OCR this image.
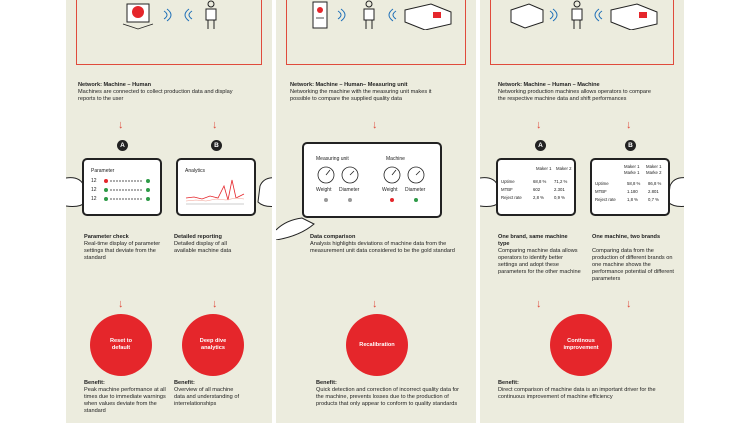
Network: Machine – Human
Machines are connected to collect production data and display reports to the user
↓	↓
A	B
Parameter
12
12
12
Analytics
Parameter check
Real-time display of parameter settings that deviate from the standard
Detailed reporting
Detailed display of all available machine data
↓	↓
Reset to default
Deep dive analytics
Benefit:
Peak machine performance at all times due to immediate warnings when values deviate from the standard
Benefit:
Overview of all machine data and understanding of interrelationships
Network: Machine – Human– Measuring unit
Networking the machine with the measuring unit makes it possible to compare the supplied quality data
↓
Measuring unit	Machine
Weight Diameter	Weight Diameter
Data comparison
Analysis highlights deviations of machine data from the measurement unit data considered to be the gold standard
↓
Recalibration
Benefit:
Quick detection and correction of incorrect quality data for the machine, prevents losses due to the production of products that only appear to conform to quality standards
Network: Machine – Human – Machine
Networking production machines allows operators to compare the respective machine data and shift performances
↓	↓
A	B
Maker 1 Maker 2
Uptime	68,8 % 71,2 %
MTBF	602	2.301
Reject rate	2,8 % 0,9 %
Maker 1 Marke 1
Maker 1 Marke 2
Uptime	58,8 % 86,8 %
MTBF	1.180 2.801
Reject rate	1,8 % 0,7 %
One brand, same machine type
Comparing machine data allows operators to identify better settings and adopt these parameters for the other machine
One machine, two brands
Comparing data from the production of different brands on one machine shows the performance potential of different parameters
↓	↓
Continous improvement
Benefit:
Direct comparison of machine data is an important driver for the continuous improvement of machine efficiency
